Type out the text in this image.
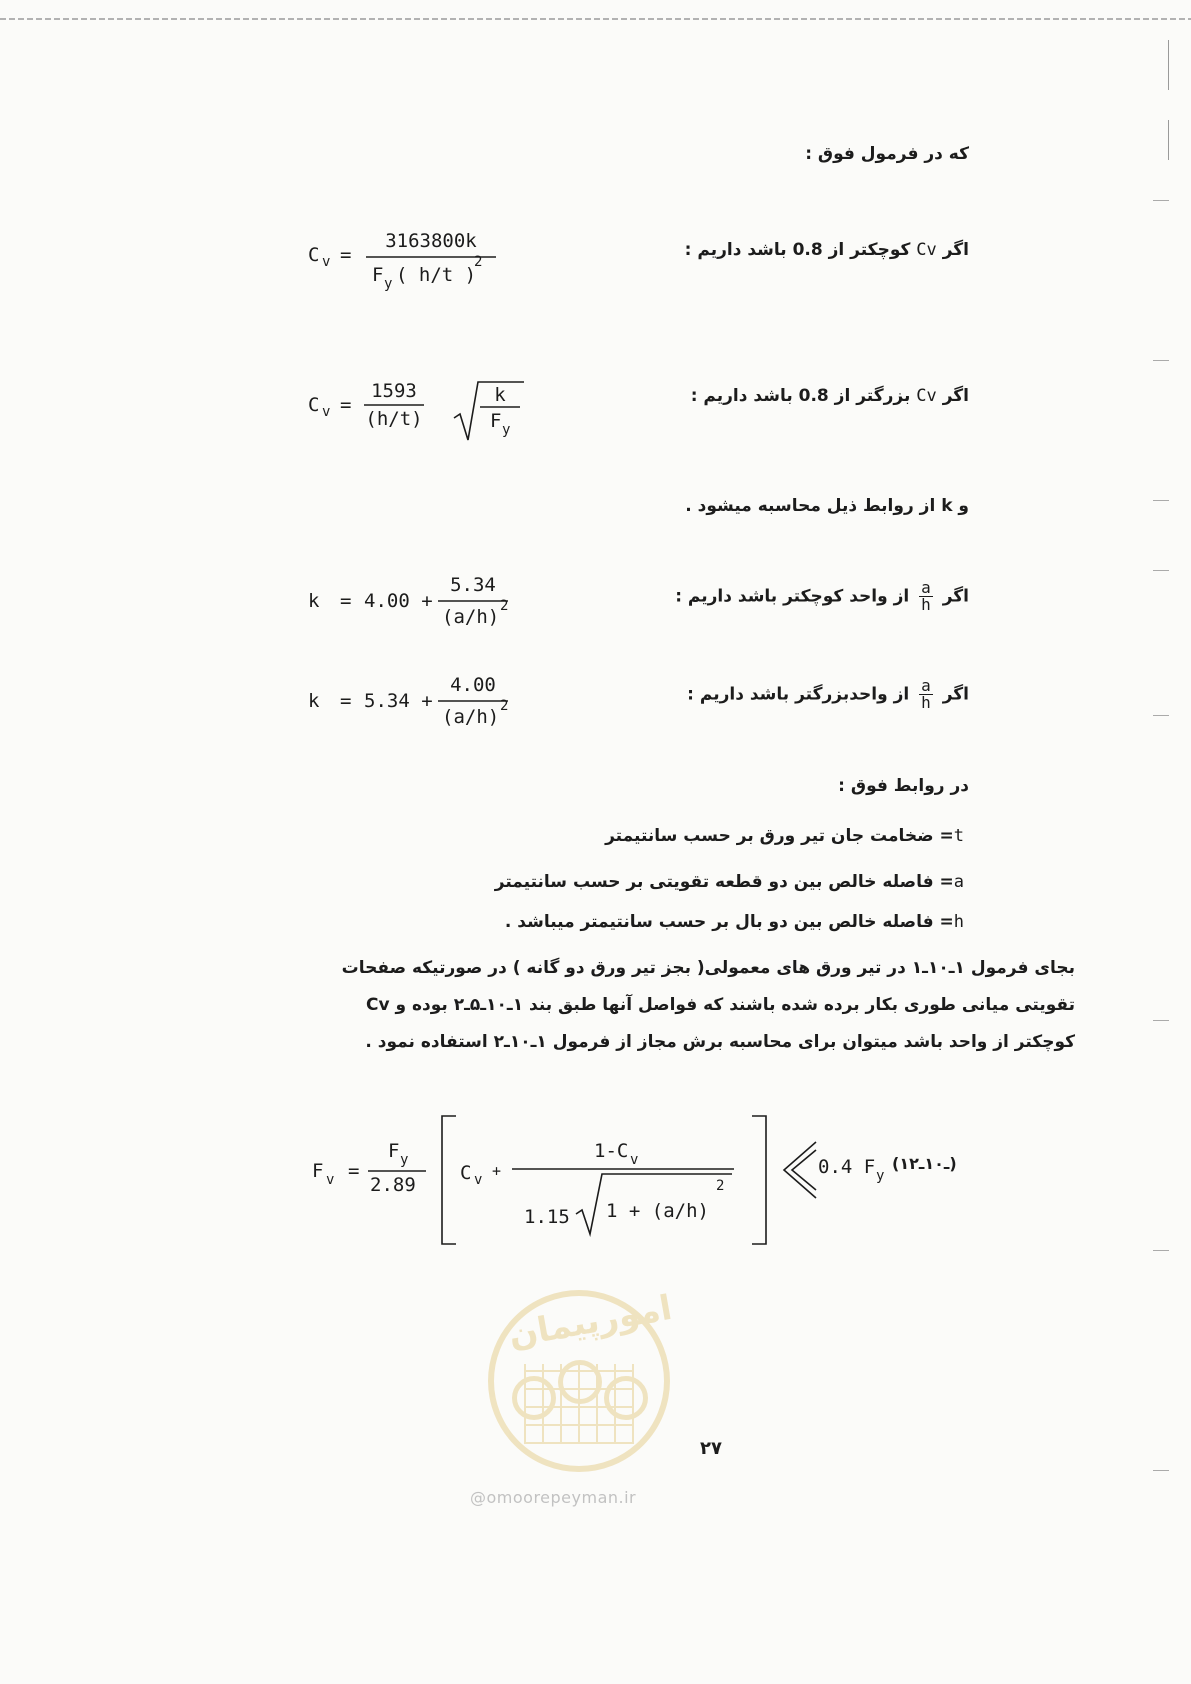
که در فرمول فوق :
اگر Cv کوچکتر از 0.8 باشد داریم :
C v =
3163800k
F y ( h/t )
2
اگر Cv بزرگتر از 0.8 باشد داریم :
C v =
1593
(h/t)
k
F y
و k از روابط ذیل محاسبه میشود .
اگر
$\frac{a}{h}$
از واحد کوچکتر باشد داریم :
k = 4.00 +
5.34
(a/h) 2
اگر
$\frac{a}{h}$
از واحدبزرگتر باشد داریم :
k = 5.34 +
4.00
(a/h) 2
در روابط فوق :
t= ضخامت جان تیر ورق بر حسب سانتیمتر
a= فاصله خالص بین دو قطعه تقویتی بر حسب سانتیمتر
h= فاصله خالص بین دو بال بر حسب سانتیمتر میباشد .
بجای فرمول ۱ـ۱۰ـ۱ در تیر ورق های معمولی( بجز تیر ورق دو گانه ) در صورتیکه صفحات
تقویتی میانی طوری بکار برده شده باشند که فواصل آنها طبق بند ۱ـ۱۰ـ۵ـ۲ بوده و Cv
کوچکتر از واحد باشد میتوان برای محاسبه برش مجاز از فرمول ۱ـ۱۰ـ۲ استفاده نمود .
F v =
F y
2.89
C v +
1-C v
1.15 1 + (a/h)
2
0.4 F y
(۱ـ۱۰ـ۲)
امورپیمان
@omoorepeyman.ir
۲۷
